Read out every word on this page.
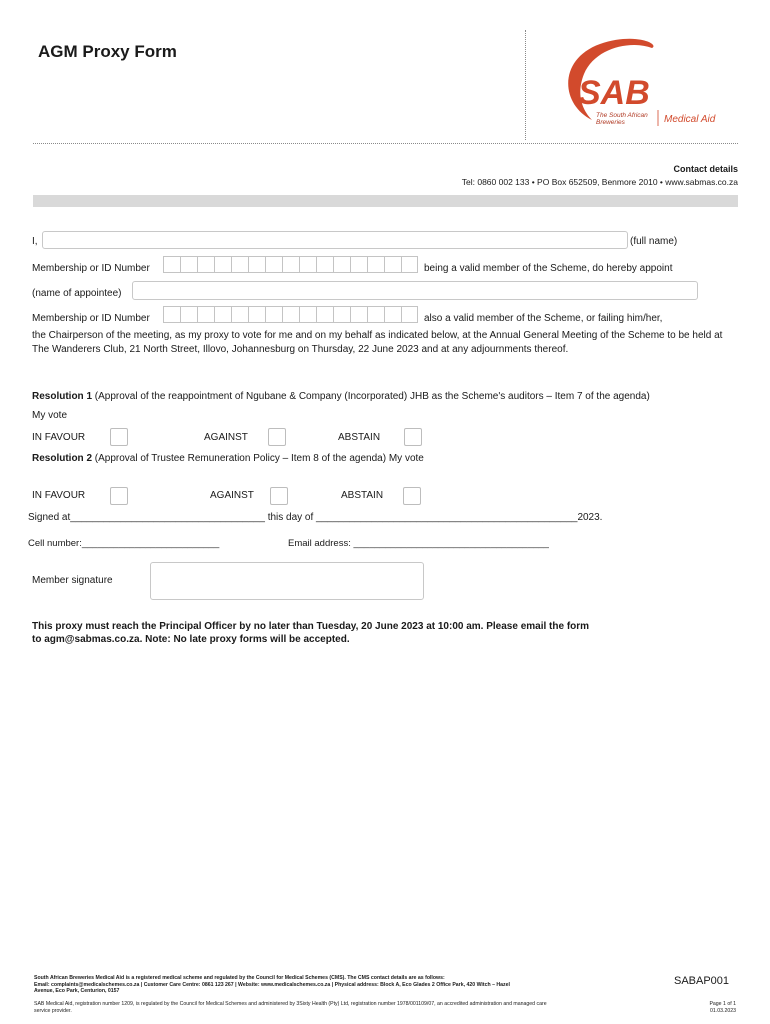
AGM Proxy Form
SAB
The South African
Breweries	Medical Aid
Contact details
Tel: 0860 002 133 • PO Box 652509, Benmore 2010 • www.sabmas.co.za
I,	(full name)
Membership or ID Number	being a valid member of the Scheme, do hereby appoint
(name of appointee)
Membership or ID Number	also a valid member of the Scheme, or failing him/her,
the Chairperson of the meeting, as my proxy to vote for me and on my behalf as indicated below, at the Annual General Meeting of the Scheme to be held at The Wanderers Club, 21 North Street, Illovo, Johannesburg on Thursday, 22 June 2023 and at any adjournments thereof.
Resolution 1 (Approval of the reappointment of Ngubane & Company (Incorporated) JHB as the Scheme's auditors – Item 7 of the agenda)
My vote
IN FAVOUR	AGAINST	ABSTAIN
Resolution 2 (Approval of Trustee Remuneration Policy – Item 8 of the agenda) My vote
IN FAVOUR	AGAINST	ABSTAIN
Signed at___________________________________ this day of _______________________________________________2023.
Cell number:__________________________	Email address: _____________________________________
Member signature
This proxy must reach the Principal Officer by no later than Tuesday, 20 June 2023 at 10:00 am. Please email the form
to agm@sabmas.co.za. Note: No late proxy forms will be accepted.
South African Breweries Medical Aid is a registered medical scheme and regulated by the Council for Medical Schemes (CMS). The CMS contact details are as follows:
Email: complaints@medicalschemes.co.za | Customer Care Centre: 0861 123 267 | Website: www.medicalschemes.co.za | Physical address: Block A, Eco Glades 2 Office Park, 420 Witch – Hazel
Avenue, Eco Park, Centurion, 0157
SABAP001
SAB Medical Aid, registration number 1209, is regulated by the Council for Medical Schemes and administered by 3Sixty Health (Pty) Ltd, registration number 1978/001109/07, an accredited administration and managed care
service provider.
Page 1 of 1
01.03.2023
